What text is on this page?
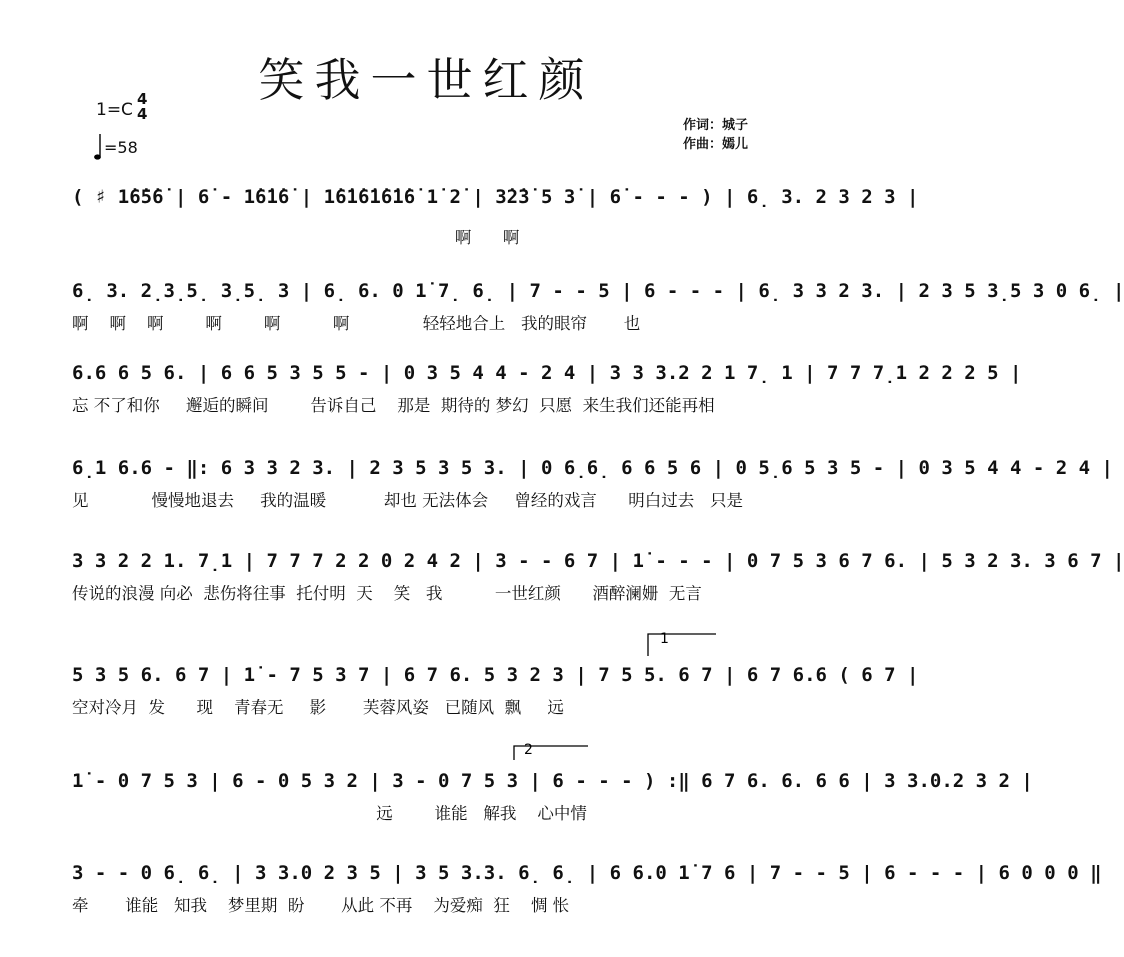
笑我一世红颜
1=C
4
4
=58
作词：城子
作曲：嫣儿
( ♯ 1̇6̇5̇6̇ | 6̇ - 1̇6̇1̇6̇ | 1̇6̇1̇6̇1̇6̇1̇6̇ 1̇ 2̇ | 3̇2̇3̇ 5 3̇ | 6̇ - - - ) | 6̣ 3. 2 3 2 3 |
啊      啊
6̣ 3. 2̣3̣5̣ 3̣5̣ 3 | 6̣ 6. 0 1̇ 7̣ 6̣ | 7 - - 5 | 6 - - - | 6̣ 3 3 2 3. | 2 3 5 3̣5 3 0 6̣ |
啊    啊    啊        啊        啊          啊              轻轻地合上   我的眼帘       也
6.6 6 5 6. | 6 6 5 3 5 5 - | 0 3 5 4 4 - 2 4 | 3 3 3.2 2 1 7̣ 1 | 7 7 7̣1 2 2 2 5 |
忘 不了和你     邂逅的瞬间        告诉自己    那是  期待的 梦幻  只愿  来生我们还能再相
6̣1 6.6 - ‖: 6 3 3 2 3. | 2 3 5 3 5 3. | 0 6̣6̣ 6 6 5 6 | 0 5̣6 5 3 5 - | 0 3 5 4 4 - 2 4 |
见            慢慢地退去     我的温暖           却也 无法体会     曾经的戏言      明白过去   只是
3 3 2 2 1. 7̣1 | 7 7 7 2 2 0 2 4 2 | 3 - - 6 7 | 1̇ - - - | 0 7 5 3 6 7 6. | 5 3 2 3. 3 6 7 |
传说的浪漫 向必  悲伤将往事  托付明  天    笑   我          一世红颜      酒醉澜姗  无言
5 3 5 6. 6 7 | 1̇ - 7 5 3 7 | 6 7 6. 5 3 2 3 | 7 5 5. 6 7 | 6 7 6.6 ( 6 7 |
空对冷月  发      现    青春无     影       芙蓉风姿   已随风  飘     远
1̇ - 0 7 5 3 | 6 - 0 5 3 2 | 3 - 0 7 5 3 | 6 - - - ) :‖ 6 7 6. 6. 6 6 | 3 3.0.2 3 2 |
远        谁能   解我    心中情
3 - - 0 6̣ 6̣ | 3 3.0 2 3 5 | 3 5 3.3. 6̣ 6̣ | 6 6.0 1̇ 7 6 | 7 - - 5 | 6 - - - | 6 0 0 0 ‖
牵       谁能   知我    梦里期  盼       从此 不再    为爱痴  狂    惆 怅
1
2
